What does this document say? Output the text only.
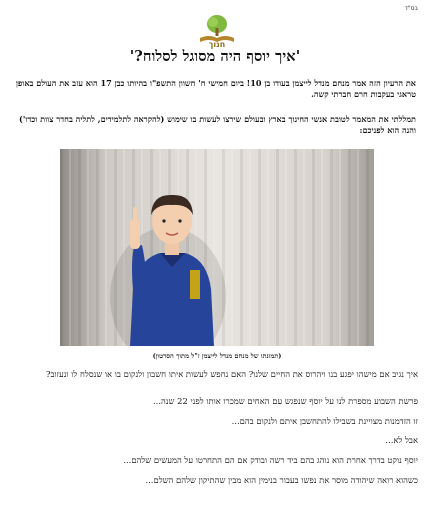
בס"ד
חנוך
'איך יוסף היה מסוגל לסלוח?'
את הרעיון הזה אמר מנחם מנדל לייצמן בעודו בן 10! ביום חמישי ח' חשוון התשפ"ו בהיותו כבן 17 הוא עזב את העולם באופן טראגי בעקבות חרם חברתי קשה.
תמללתי את המאמר לטובת אנשי החינוך בארץ ובעולם שירצו לעשות בו שימוש (להקראה לתלמידים, לתליה בחדר צוות וכדו') והנה הוא לפניכם:
(תמונתו של מנחם מנדל לייצמן ז"ל מתוך הסרטון)
איך נגיב אם מישהו יפגע בנו ויהרוס את החיים שלנו? האם נחפש לעשות איתו חשבון ולנקום בו או שנסלח לו ונעזוב?
פרשת השבוע מספרת לנו על יוסף שנפגש עם האחים שמכרו אותו לפני 22 שנה...
זו הזדמנות מצויינת בשבילו להתחשבן איתם ולנקום בהם...
אבל לא...
יוסף נוקט בדרך אחרת הוא נוהג בהם ביד רשה ובודק אם הם התחרטו על המעשים שלהם...
כשהוא רואה שיהודה מוסר את נפשו בעבור בנימין הוא מבין שהתיקון שלהם השלם...
